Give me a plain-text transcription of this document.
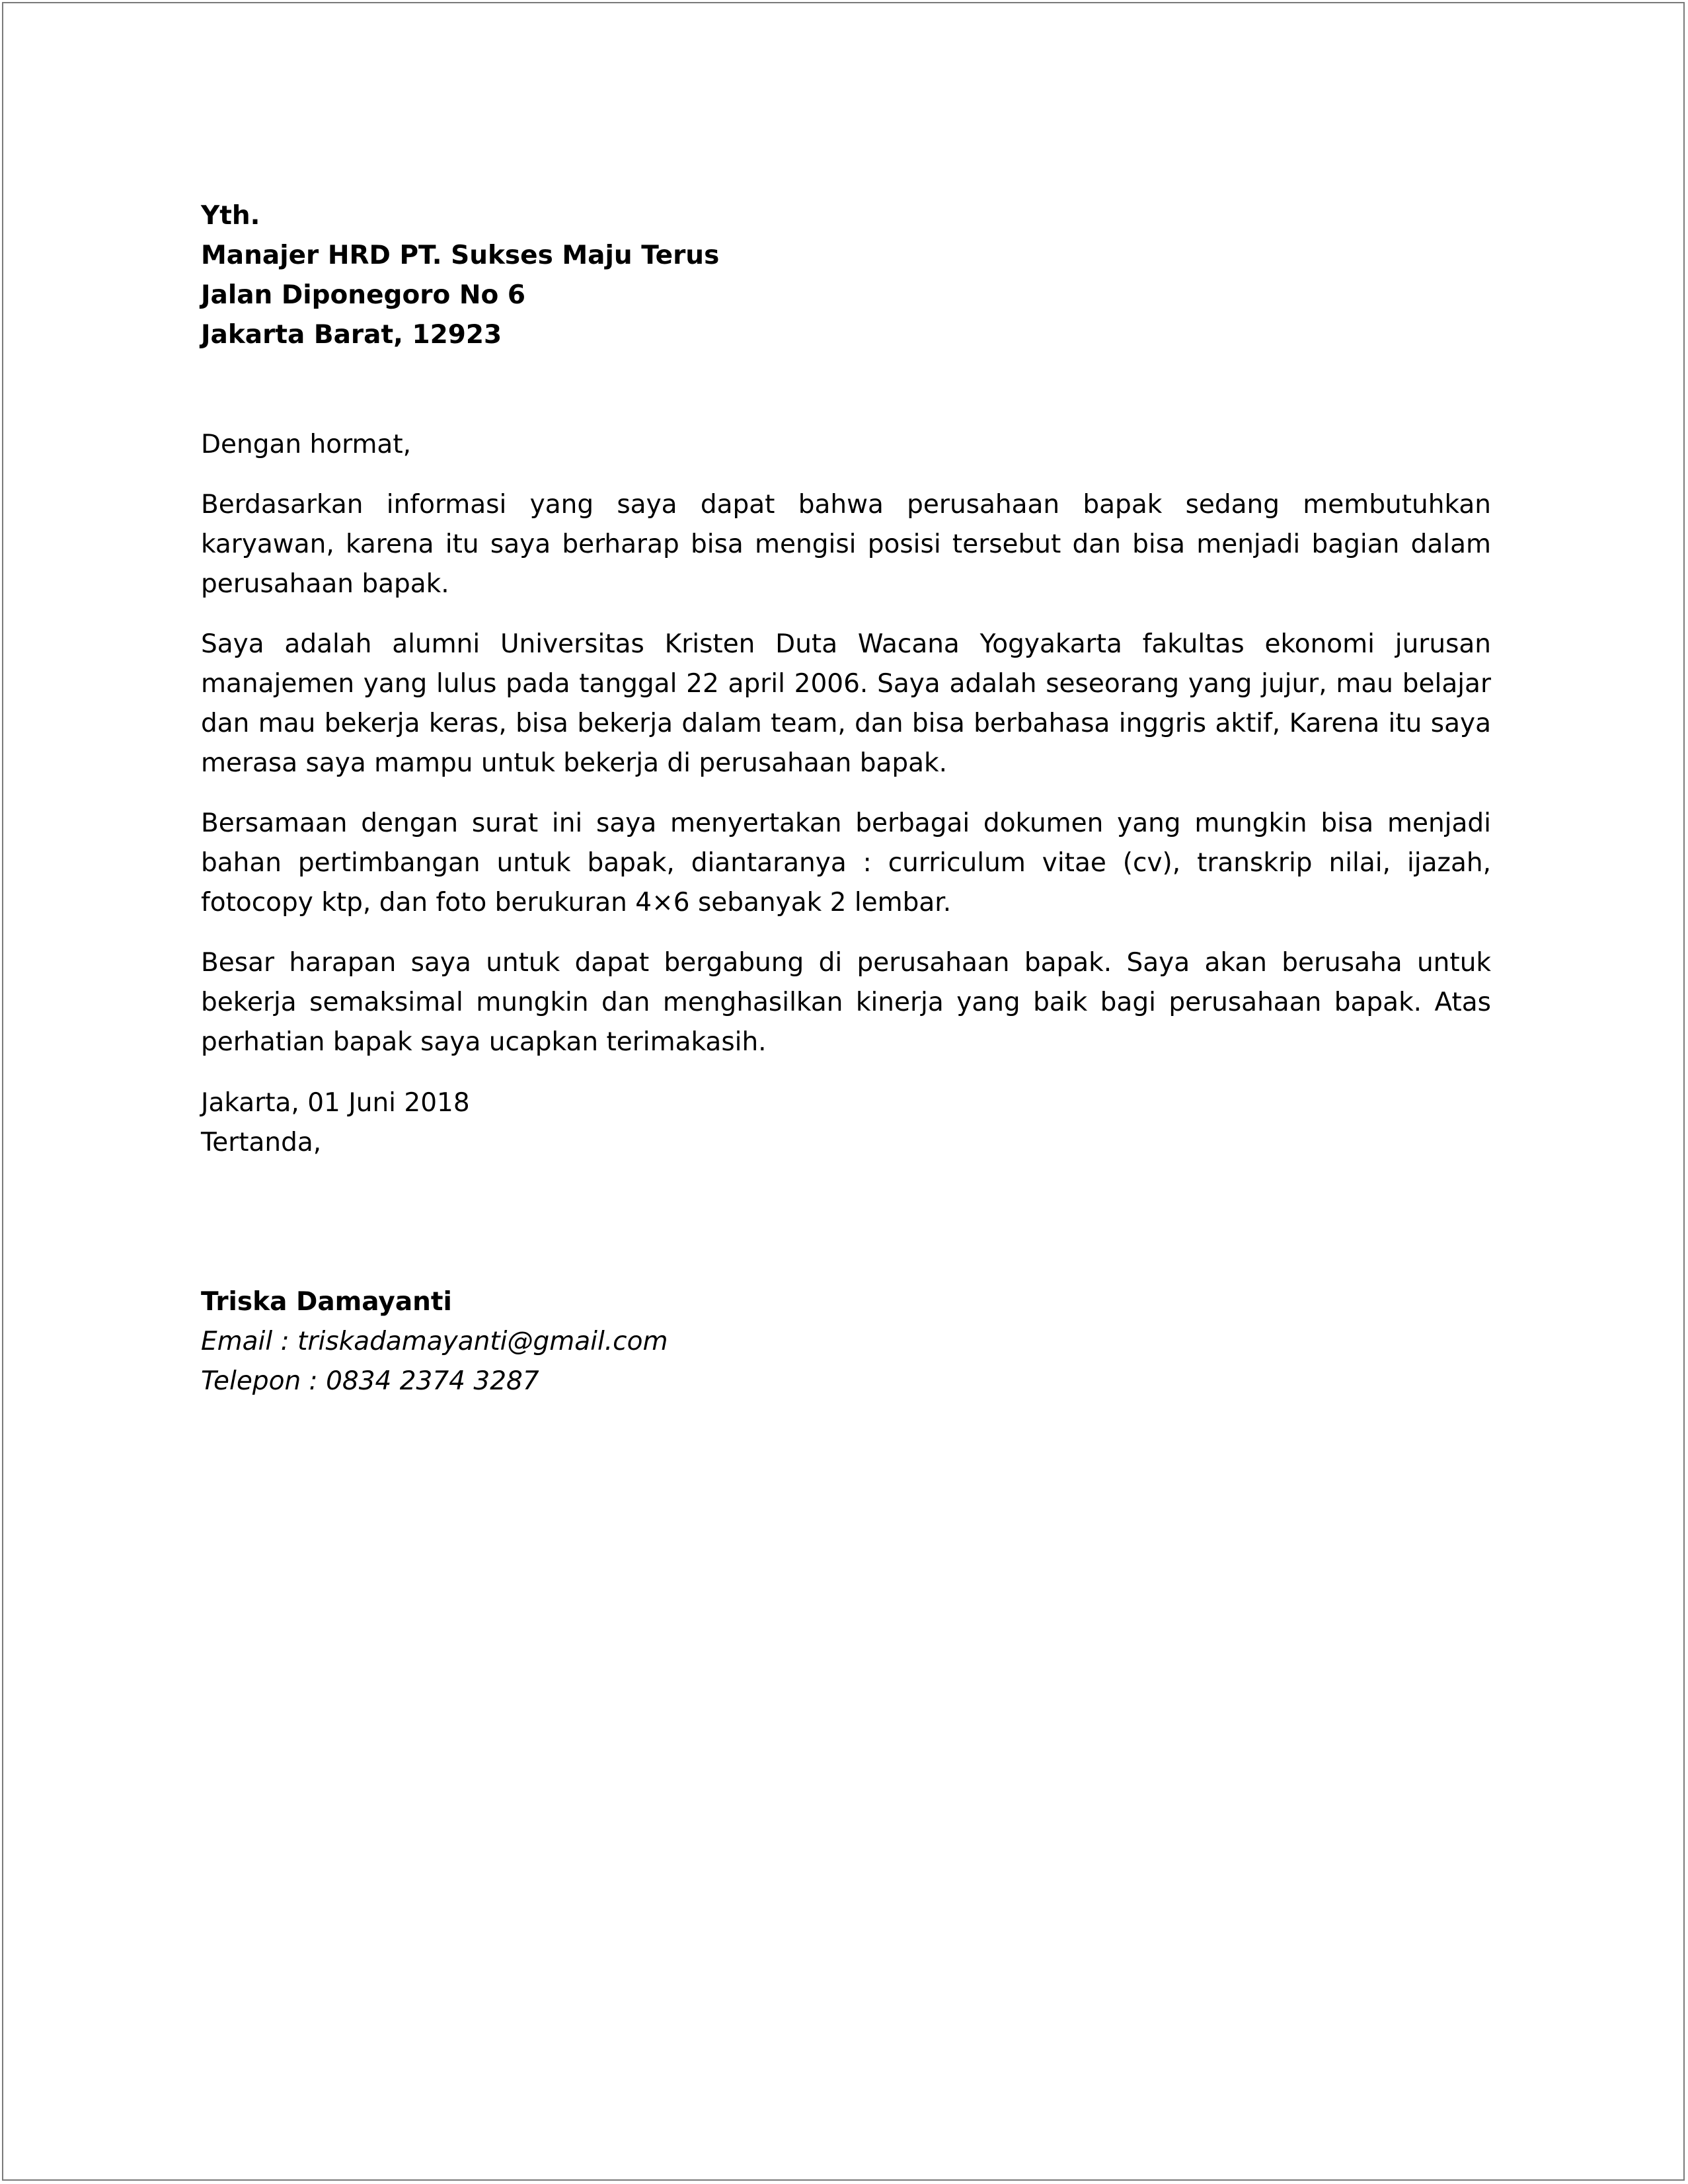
Yth.
Manajer HRD PT. Sukses Maju Terus
Jalan Diponegoro No 6
Jakarta Barat, 12923
Dengan hormat,
Berdasarkan informasi yang saya dapat bahwa perusahaan bapak sedang membutuhkan karyawan, karena itu saya berharap bisa mengisi posisi tersebut dan bisa menjadi bagian dalam perusahaan bapak.
Saya adalah alumni Universitas Kristen Duta Wacana Yogyakarta fakultas ekonomi jurusan manajemen yang lulus pada tanggal 22 april 2006. Saya adalah seseorang yang jujur, mau belajar dan mau bekerja keras, bisa bekerja dalam team, dan bisa berbahasa inggris aktif, Karena itu saya merasa saya mampu untuk bekerja di perusahaan bapak.
Bersamaan dengan surat ini saya menyertakan berbagai dokumen yang mungkin bisa menjadi bahan pertimbangan untuk bapak, diantaranya : curriculum vitae (cv), transkrip nilai, ijazah, fotocopy ktp, dan foto berukuran 4×6 sebanyak 2 lembar.
Besar harapan saya untuk dapat bergabung di perusahaan bapak. Saya akan berusaha untuk bekerja semaksimal mungkin dan menghasilkan kinerja yang baik bagi perusahaan bapak. Atas perhatian bapak saya ucapkan terimakasih.
Jakarta, 01 Juni 2018
Tertanda,
Triska Damayanti
Email : triskadamayanti@gmail.com
Telepon : 0834 2374 3287
